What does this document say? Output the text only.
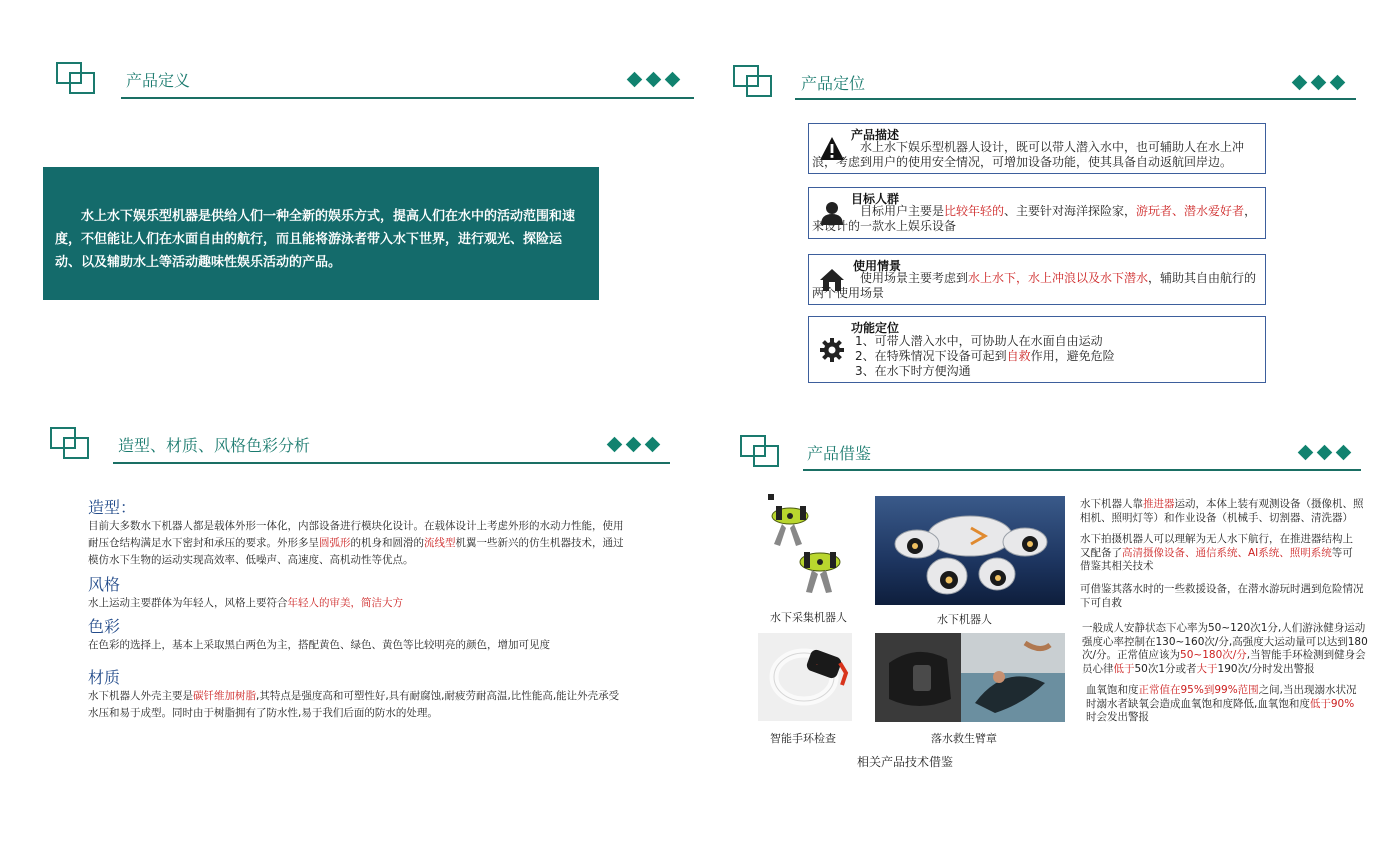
产品定义

水上水下娱乐型机器是供给人们一种全新的娱乐方式，提高人们在水中的活动范围和速度，不但能让人们在水面自由的航行，而且能将游泳者带入水下世界，进行观光、探险运动、以及辅助水上等活动趣味性娱乐活动的产品。

产品定位
产品描述
水上水下娱乐型机器人设计，既可以带人潜入水中，也可辅助人在水上冲浪，考虑到用户的使用安全情况，可增加设备功能，使其具备自动返航回岸边。
目标人群
目标用户主要是比较年轻的、主要针对海洋探险家，游玩者、潜水爱好者，来设计的一款水上娱乐设备
使用情景
使用场景主要考虑到水上水下，水上冲浪以及水下潜水，辅助其自由航行的两个使用场景
功能定位
1、可带人潜入水中，可协助人在水面自由运动
2、在特殊情况下设备可起到自救作用，避免危险
3、在水下时方便沟通
造型、材质、风格色彩分析
造型：
目前大多数水下机器人都是载体外形一体化，内部设备进行模块化设计。在载体设计上考虑外形的水动力性能，使用耐压仓结构满足水下密封和承压的要求。外形多呈圆弧形的机身和圆滑的流线型机翼一些新兴的仿生机器技术，通过模仿水下生物的运动实现高效率、低噪声、高速度、高机动性等优点。
风格
水上运动主要群体为年轻人，风格上要符合年轻人的审美，简洁大方
色彩
在色彩的选择上，基本上采取黑白两色为主，搭配黄色、绿色、黄色等比较明亮的颜色，增加可见度
材质
水下机器人外壳主要是碳钎维加树脂,其特点是强度高和可塑性好,具有耐腐蚀,耐疲劳耐高温,比性能高,能让外壳承受水压和易于成型。同时由于树脂拥有了防水性,易于我们后面的防水的处理。
产品借鉴
水下采集机器人	水下机器人
·
智能手环检查	落水救生臂章
相关产品技术借鉴
水下机器人靠推进器运动，本体上装有观测设备（摄像机、照相机、照明灯等）和作业设备（机械手、切割器、清洗器）
水下拍摄机器人可以理解为无人水下航行，在推进器结构上又配备了高清摄像设备、通信系统、AI系统、照明系统等可借鉴其相关技术
可借鉴其落水时的一些救援设备，在潜水游玩时遇到危险情况下可自救
一般成人安静状态下心率为50~120次1分,人们游泳健身运动强度心率控制在130~160次/分,高强度大运动量可以达到180次/分。正常值应该为50~180次/分,当智能手环检测到健身会员心律低于50次1分或者大于190次/分时发出警报
血氧饱和度正常值在95%到99%范围之间,当出现溺水状况时溺水者缺氧会造成血氧饱和度降低,血氧饱和度低于90%时会发出警报
